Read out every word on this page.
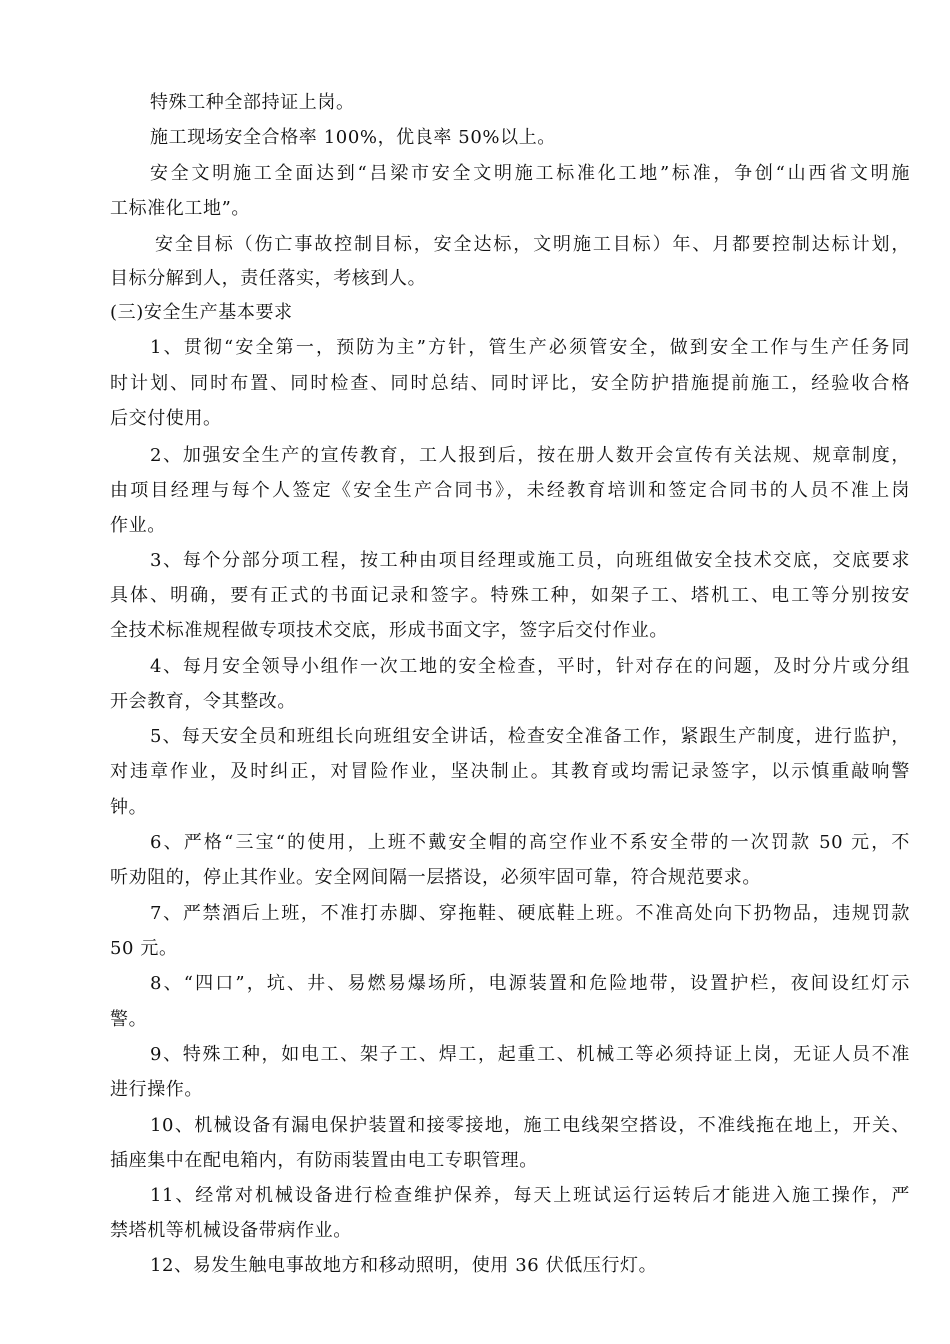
特殊工种全部持证上岗。
施工现场安全合格率 100%，优良率 50%以上。
安全文明施工全面达到“吕梁市安全文明施工标准化工地”标准，争创“山西省文明施
工标准化工地”。
安全目标（伤亡事故控制目标，安全达标，文明施工目标）年、月都要控制达标计划，
目标分解到人，责任落实，考核到人。
(三)安全生产基本要求
1、贯彻“安全第一，预防为主”方针，管生产必须管安全，做到安全工作与生产任务同
时计划、同时布置、同时检查、同时总结、同时评比，安全防护措施提前施工，经验收合格
后交付使用。
2、加强安全生产的宣传教育，工人报到后，按在册人数开会宣传有关法规、规章制度，
由项目经理与每个人签定《安全生产合同书》，未经教育培训和签定合同书的人员不准上岗
作业。
3、每个分部分项工程，按工种由项目经理或施工员，向班组做安全技术交底，交底要求
具体、明确，要有正式的书面记录和签字。特殊工种，如架子工、塔机工、电工等分别按安
全技术标准规程做专项技术交底，形成书面文字，签字后交付作业。
4、每月安全领导小组作一次工地的安全检查，平时，针对存在的问题，及时分片或分组
开会教育，令其整改。
5、每天安全员和班组长向班组安全讲话，检查安全准备工作，紧跟生产制度，进行监护，
对违章作业，及时纠正，对冒险作业，坚决制止。其教育或均需记录签字，以示慎重敲响警
钟。
6、严格“三宝“的使用，上班不戴安全帽的高空作业不系安全带的一次罚款 50 元，不
听劝阻的，停止其作业。安全网间隔一层搭设，必须牢固可靠，符合规范要求。
7、严禁酒后上班，不准打赤脚、穿拖鞋、硬底鞋上班。不准高处向下扔物品，违规罚款
50 元。
8、“四口”，坑、井、易燃易爆场所，电源装置和危险地带，设置护栏，夜间设红灯示
警。
9、特殊工种，如电工、架子工、焊工，起重工、机械工等必须持证上岗，无证人员不准
进行操作。
10、机械设备有漏电保护装置和接零接地，施工电线架空搭设，不准线拖在地上，开关、
插座集中在配电箱内，有防雨装置由电工专职管理。
11、经常对机械设备进行检查维护保养，每天上班试运行运转后才能进入施工操作，严
禁塔机等机械设备带病作业。
12、易发生触电事故地方和移动照明，使用 36 伏低压行灯。
